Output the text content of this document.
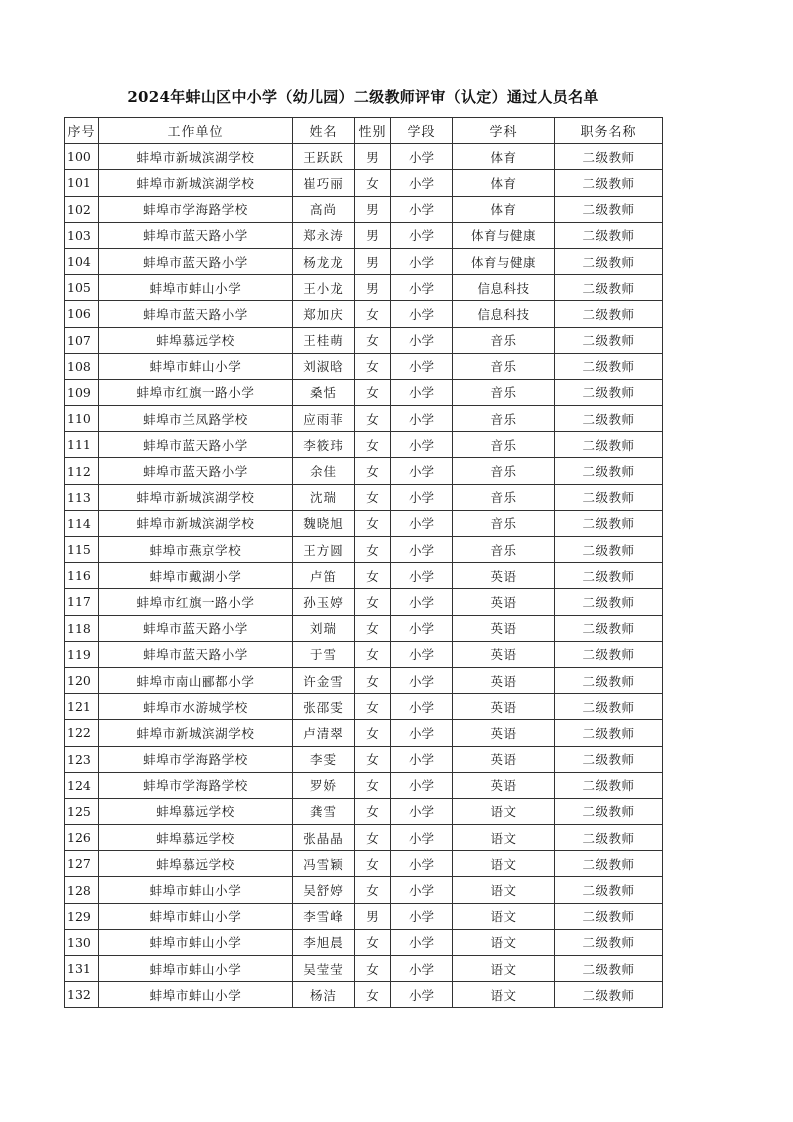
2024年蚌山区中小学（幼儿园）二级教师评审（认定）通过人员名单
序号	工作单位	姓名	性别	学段	学科	职务名称
100	蚌埠市新城滨湖学校	王跃跃	男	小学	体育	二级教师
101	蚌埠市新城滨湖学校	崔巧丽	女	小学	体育	二级教师
102	蚌埠市学海路学校	高尚	男	小学	体育	二级教师
103	蚌埠市蓝天路小学	郑永涛	男	小学	体育与健康	二级教师
104	蚌埠市蓝天路小学	杨龙龙	男	小学	体育与健康	二级教师
105	蚌埠市蚌山小学	王小龙	男	小学	信息科技	二级教师
106	蚌埠市蓝天路小学	郑加庆	女	小学	信息科技	二级教师
107	蚌埠慕远学校	王桂萌	女	小学	音乐	二级教师
108	蚌埠市蚌山小学	刘淑晗	女	小学	音乐	二级教师
109	蚌埠市红旗一路小学	桑恬	女	小学	音乐	二级教师
110	蚌埠市兰凤路学校	应雨菲	女	小学	音乐	二级教师
111	蚌埠市蓝天路小学	李筱玮	女	小学	音乐	二级教师
112	蚌埠市蓝天路小学	余佳	女	小学	音乐	二级教师
113	蚌埠市新城滨湖学校	沈瑞	女	小学	音乐	二级教师
114	蚌埠市新城滨湖学校	魏晓旭	女	小学	音乐	二级教师
115	蚌埠市燕京学校	王方圆	女	小学	音乐	二级教师
116	蚌埠市戴湖小学	卢笛	女	小学	英语	二级教师
117	蚌埠市红旗一路小学	孙玉婷	女	小学	英语	二级教师
118	蚌埠市蓝天路小学	刘瑞	女	小学	英语	二级教师
119	蚌埠市蓝天路小学	于雪	女	小学	英语	二级教师
120	蚌埠市南山郦都小学	许金雪	女	小学	英语	二级教师
121	蚌埠市水游城学校	张邵雯	女	小学	英语	二级教师
122	蚌埠市新城滨湖学校	卢清翠	女	小学	英语	二级教师
123	蚌埠市学海路学校	李雯	女	小学	英语	二级教师
124	蚌埠市学海路学校	罗娇	女	小学	英语	二级教师
125	蚌埠慕远学校	龚雪	女	小学	语文	二级教师
126	蚌埠慕远学校	张晶晶	女	小学	语文	二级教师
127	蚌埠慕远学校	冯雪颖	女	小学	语文	二级教师
128	蚌埠市蚌山小学	吴舒婷	女	小学	语文	二级教师
129	蚌埠市蚌山小学	李雪峰	男	小学	语文	二级教师
130	蚌埠市蚌山小学	李旭晨	女	小学	语文	二级教师
131	蚌埠市蚌山小学	吴莹莹	女	小学	语文	二级教师
132	蚌埠市蚌山小学	杨洁	女	小学	语文	二级教师
